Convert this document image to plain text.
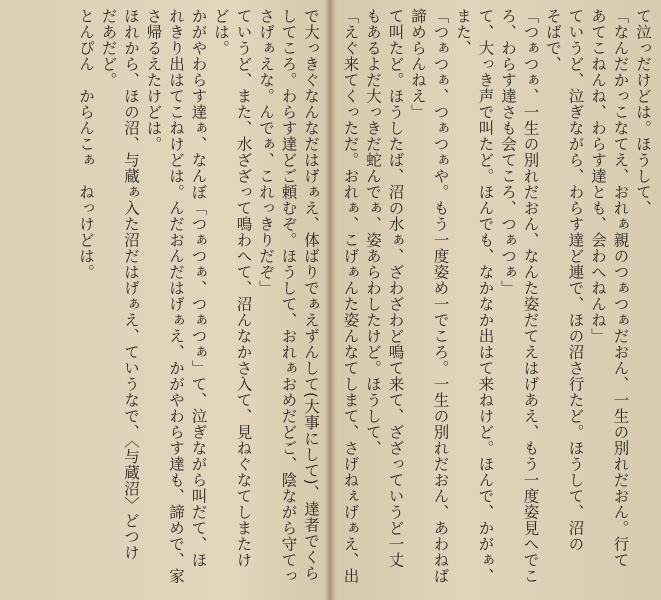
て泣っだけどは。ほうして、
「なんだかっこなてえ、おれぁ親のつぁつぁだおん、一生の別れだおん。行て
あてこねんね、わらす達とも、会わへねんね」
ていうど、泣ぎながら、わらす達ど連で、ほの沼さ行たど。ほうして、沼の
そばで、
「つぁつぁ、一生の別れだおん、なんた姿だてえはげあえ、もう一度姿見へでこ
ろ、わらす達さも会てころ、つぁつぁ」
て、大っき声で叫たど。ほんでも、なかなか出はて来ねけど。ほんで、かがぁ、
また、
「つぁつぁ、つぁつぁや。もう一度姿め一でころ。一生の別れだおん、あわねば
諦めらんねえ」
て叫たど。ほうしたば、沼の水ぁ、ざわざわど鳴て来て、ざざっていうど一丈
もあるよだ大っきだ蛇んでぁ、姿あらわしたけど。ほうして、
「えぐ来てくっただ。おれぁ、こげぁんた姿んなてしまて、さげねぇげぁえ、出
で大っきぐなんなだはげぁえ、体ばりでぁえずんして(大事にして)、達者でくら
してころ。わらす達どご頼むぞ。ほうして、おれぁおめだどご、陰ながら守てっ
さげぁえな。んでぁ、これっきりだぞ」
ていうど、また、水ざざって鳴わへて、沼んなかさ入て、見ねぐなてしまたけ
どは。
かがやわらす達ぁ、なんぼ「つぁつぁ、つぁつぁ」て、泣ぎながら叫だて、ほ
れきり出はてこねけどは。んだおんだはげぁえ、かがやわらす達も、諦めで、家
さ帰るえたけどは。
ほれから、ほの沼、与蔵ぁ入た沼だはげぁえ、ていうなで、〈与蔵沼〉どつけ
だあだど。
とんぴん　からんこぁ　ねっけどは。
